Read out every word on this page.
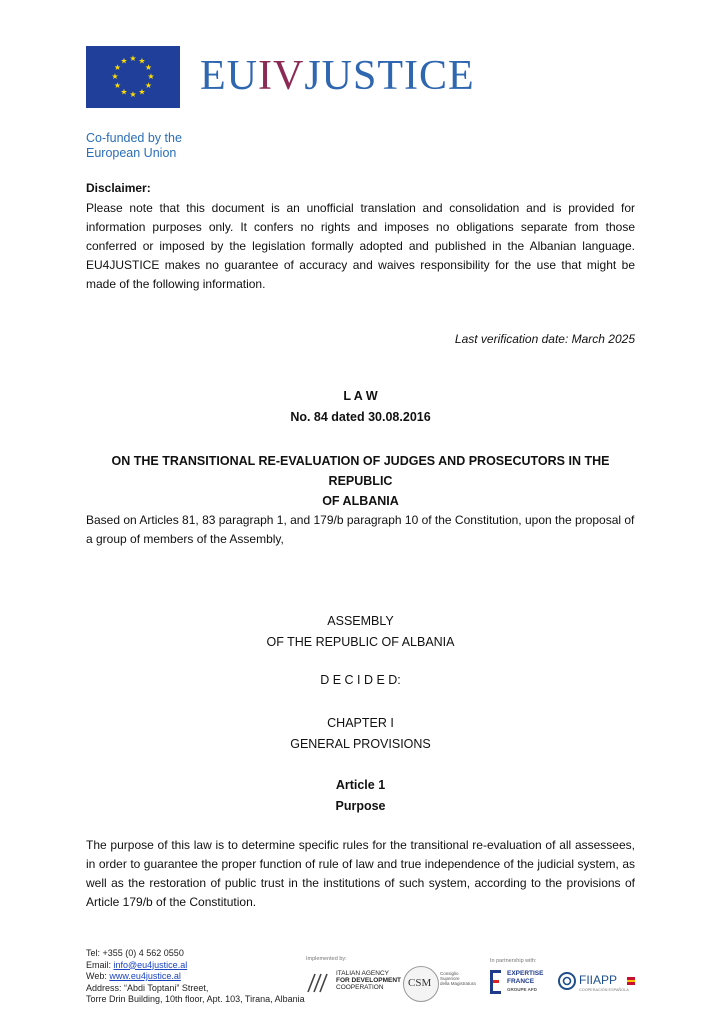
★ ★
★
★
★
★
★
★
★
★
★
★ EUIVJUSTICE
Co-funded by the
European Union
Disclaimer:
Please note that this document is an unofficial translation and consolidation and is provided for information purposes only. It confers no rights and imposes no obligations separate from those conferred or imposed by the legislation formally adopted and published in the Albanian language. EU4JUSTICE makes no guarantee of accuracy and waives responsibility for the use that might be made of the following information.
Last verification date: March 2025
L A W
No. 84 dated 30.08.2016
ON THE TRANSITIONAL RE-EVALUATION OF JUDGES AND PROSECUTORS IN THE REPUBLIC
OF ALBANIA
Based on Articles 81, 83 paragraph 1, and 179/b paragraph 10 of the Constitution, upon the proposal of a group of members of the Assembly,
ASSEMBLY
OF THE REPUBLIC OF ALBANIA
D E C I D E D:
CHAPTER I
GENERAL PROVISIONS
Article 1
Purpose
The purpose of this law is to determine specific rules for the transitional re-evaluation of all assessees, in order to guarantee the proper function of rule of law and true independence of the judicial system, as well as the restoration of public trust in the institutions of such system, according to the provisions of Article 179/b of the Constitution.
Tel: +355 (0) 4 562 0550
Email: info@eu4justice.al
Web: www.eu4justice.al
Address: “Abdi Toptani” Street,
Torre Drin Building, 10th floor, Apt. 103, Tirana, Albania
Implemented by:
ITALIAN AGENCY
FOR DEVELOPMENT
COOPERATION	CSM
Consiglio
Superiore
della Magistratura
In partnership with:
EXPERTISE
FRANCE
GROUPE AFD
FIIAPP
COOPERACIÓN ESPAÑOLA
